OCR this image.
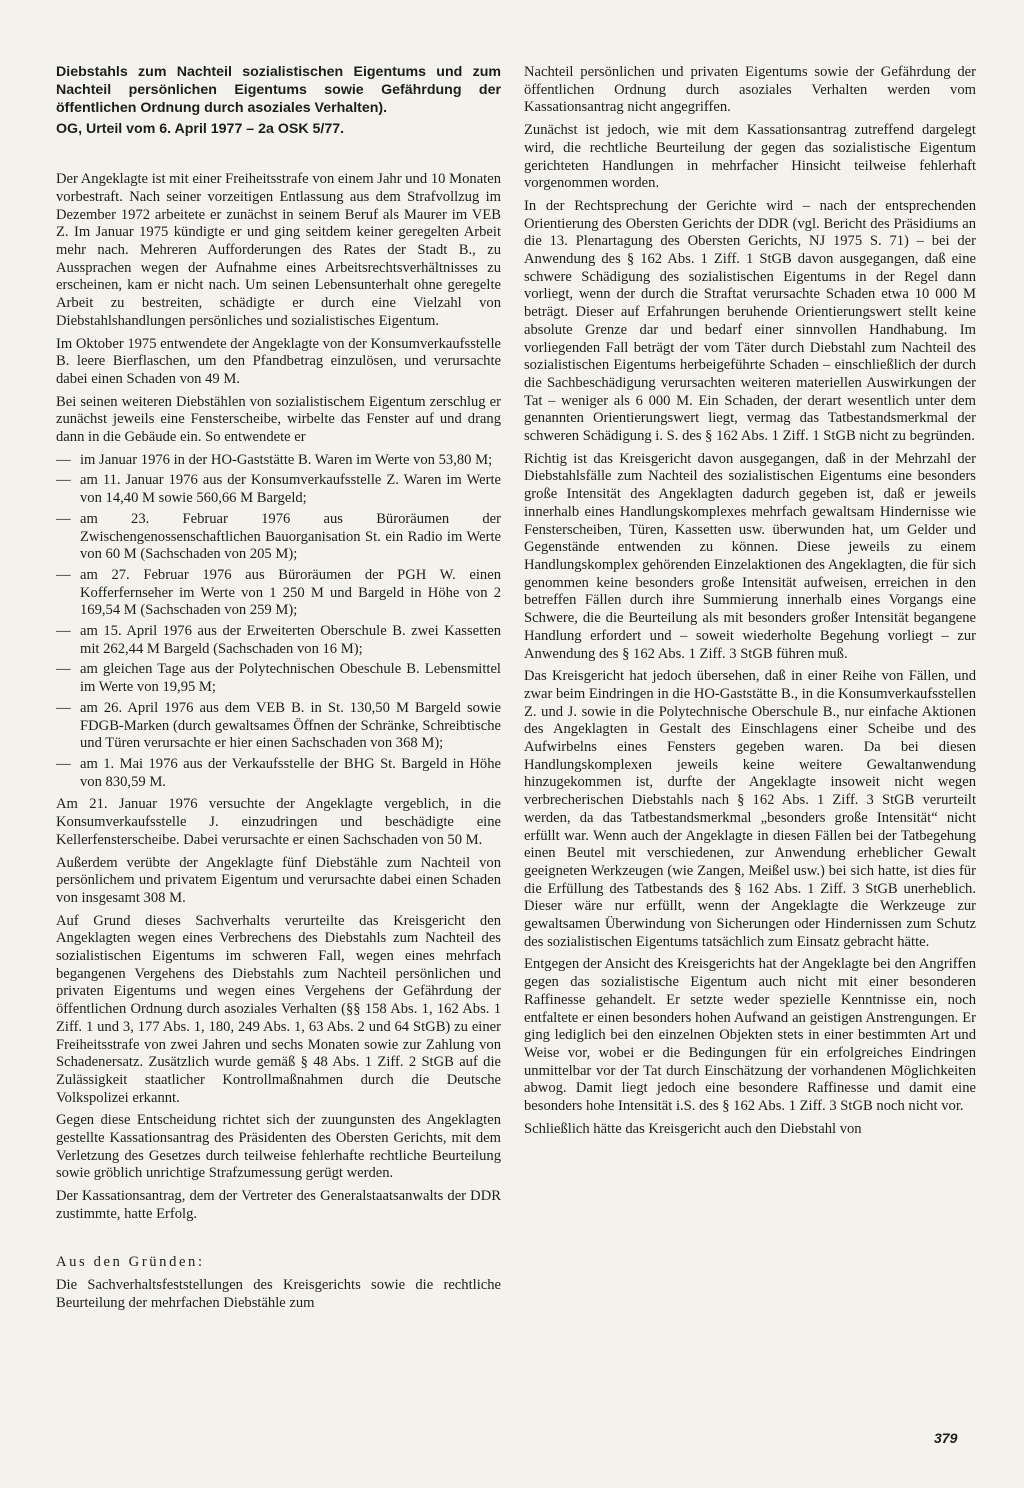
Diebstahls zum Nachteil sozialistischen Eigentums und zum Nachteil persönlichen Eigentums sowie Gefährdung der öffentlichen Ordnung durch asoziales Verhalten).

OG, Urteil vom 6. April 1977 – 2a OSK 5/77.

Der Angeklagte ist mit einer Freiheitsstrafe von einem Jahr und 10 Monaten vorbestraft. Nach seiner vorzeitigen Entlassung aus dem Strafvollzug im Dezember 1972 arbeitete er zunächst in seinem Beruf als Maurer im VEB Z. Im Januar 1975 kündigte er und ging seitdem keiner geregelten Arbeit mehr nach. Mehreren Aufforderungen des Rates der Stadt B., zu Aussprachen wegen der Aufnahme eines Arbeitsrechtsverhältnisses zu erscheinen, kam er nicht nach. Um seinen Lebensunterhalt ohne geregelte Arbeit zu bestreiten, schädigte er durch eine Vielzahl von Diebstahlshandlungen persönliches und sozialistisches Eigentum.

Im Oktober 1975 entwendete der Angeklagte von der Konsumverkaufsstelle B. leere Bierflaschen, um den Pfandbetrag einzulösen, und verursachte dabei einen Schaden von 49 M.

Bei seinen weiteren Diebstählen von sozialistischem Eigentum zerschlug er zunächst jeweils eine Fensterscheibe, wirbelte das Fenster auf und drang dann in die Gebäude ein. So entwendete er

— im Januar 1976 in der HO-Gaststätte B. Waren im Werte von 53,80 M;
— am 11. Januar 1976 aus der Konsumverkaufsstelle Z. Waren im Werte von 14,40 M sowie 560,66 M Bargeld;
— am 23. Februar 1976 aus Büroräumen der Zwischengenossenschaftlichen Bauorganisation St. ein Radio im Werte von 60 M (Sachschaden von 205 M);
— am 27. Februar 1976 aus Büroräumen der PGH W. einen Kofferfernseher im Werte von 1 250 M und Bargeld in Höhe von 2 169,54 M (Sachschaden von 259 M);
— am 15. April 1976 aus der Erweiterten Oberschule B. zwei Kassetten mit 262,44 M Bargeld (Sachschaden von 16 M);
— am gleichen Tage aus der Polytechnischen Obeschule B. Lebensmittel im Werte von 19,95 M;
— am 26. April 1976 aus dem VEB B. in St. 130,50 M Bargeld sowie FDGB-Marken (durch gewaltsames Öffnen der Schränke, Schreibtische und Türen verursachte er hier einen Sachschaden von 368 M);
— am 1. Mai 1976 aus der Verkaufsstelle der BHG St. Bargeld in Höhe von 830,59 M.

Am 21. Januar 1976 versuchte der Angeklagte vergeblich, in die Konsumverkaufsstelle J. einzudringen und beschädigte eine Kellerfensterscheibe. Dabei verursachte er einen Sachschaden von 50 M.

Außerdem verübte der Angeklagte fünf Diebstähle zum Nachteil von persönlichem und privatem Eigentum und verursachte dabei einen Schaden von insgesamt 308 M.

Auf Grund dieses Sachverhalts verurteilte das Kreisgericht den Angeklagten wegen eines Verbrechens des Diebstahls zum Nachteil des sozialistischen Eigentums im schweren Fall, wegen eines mehrfach begangenen Vergehens des Diebstahls zum Nachteil persönlichen und privaten Eigentums und wegen eines Vergehens der Gefährdung der öffentlichen Ordnung durch asoziales Verhalten (§§ 158 Abs. 1, 162 Abs. 1 Ziff. 1 und 3, 177 Abs. 1, 180, 249 Abs. 1, 63 Abs. 2 und 64 StGB) zu einer Freiheitsstrafe von zwei Jahren und sechs Monaten sowie zur Zahlung von Schadenersatz. Zusätzlich wurde gemäß § 48 Abs. 1 Ziff. 2 StGB auf die Zulässigkeit staatlicher Kontrollmaßnahmen durch die Deutsche Volkspolizei erkannt.

Gegen diese Entscheidung richtet sich der zuungunsten des Angeklagten gestellte Kassationsantrag des Präsidenten des Obersten Gerichts, mit dem Verletzung des Gesetzes durch teilweise fehlerhafte rechtliche Beurteilung sowie gröblich unrichtige Strafzumessung gerügt werden.

Der Kassationsantrag, dem der Vertreter des Generalstaatsanwalts der DDR zustimmte, hatte Erfolg.

Aus den Gründen:

Die Sachverhaltsfeststellungen des Kreisgerichts sowie die rechtliche Beurteilung der mehrfachen Diebstähle zum

Nachteil persönlichen und privaten Eigentums sowie der Gefährdung der öffentlichen Ordnung durch asoziales Verhalten werden vom Kassationsantrag nicht angegriffen.

Zunächst ist jedoch, wie mit dem Kassationsantrag zutreffend dargelegt wird, die rechtliche Beurteilung der gegen das sozialistische Eigentum gerichteten Handlungen in mehrfacher Hinsicht teilweise fehlerhaft vorgenommen worden.

In der Rechtsprechung der Gerichte wird – nach der entsprechenden Orientierung des Obersten Gerichts der DDR (vgl. Bericht des Präsidiums an die 13. Plenartagung des Obersten Gerichts, NJ 1975 S. 71) – bei der Anwendung des § 162 Abs. 1 Ziff. 1 StGB davon ausgegangen, daß eine schwere Schädigung des sozialistischen Eigentums in der Regel dann vorliegt, wenn der durch die Straftat verursachte Schaden etwa 10 000 M beträgt. Dieser auf Erfahrungen beruhende Orientierungswert stellt keine absolute Grenze dar und bedarf einer sinnvollen Handhabung. Im vorliegenden Fall beträgt der vom Täter durch Diebstahl zum Nachteil des sozialistischen Eigentums herbeigeführte Schaden – einschließlich der durch die Sachbeschädigung verursachten weiteren materiellen Auswirkungen der Tat – weniger als 6 000 M. Ein Schaden, der derart wesentlich unter dem genannten Orientierungswert liegt, vermag das Tatbestandsmerkmal der schweren Schädigung i. S. des § 162 Abs. 1 Ziff. 1 StGB nicht zu begründen.

Richtig ist das Kreisgericht davon ausgegangen, daß in der Mehrzahl der Diebstahlsfälle zum Nachteil des sozialistischen Eigentums eine besonders große Intensität des Angeklagten dadurch gegeben ist, daß er jeweils innerhalb eines Handlungskomplexes mehrfach gewaltsam Hindernisse wie Fensterscheiben, Türen, Kassetten usw. überwunden hat, um Gelder und Gegenstände entwenden zu können. Diese jeweils zu einem Handlungskomplex gehörenden Einzelaktionen des Angeklagten, die für sich genommen keine besonders große Intensität aufweisen, erreichen in den betreffen Fällen durch ihre Summierung innerhalb eines Vorgangs eine Schwere, die die Beurteilung als mit besonders großer Intensität begangene Handlung erfordert und – soweit wiederholte Begehung vorliegt – zur Anwendung des § 162 Abs. 1 Ziff. 3 StGB führen muß.

Das Kreisgericht hat jedoch übersehen, daß in einer Reihe von Fällen, und zwar beim Eindringen in die HO-Gaststätte B., in die Konsumverkaufsstellen Z. und J. sowie in die Polytechnische Oberschule B., nur einfache Aktionen des Angeklagten in Gestalt des Einschlagens einer Scheibe und des Aufwirbelns eines Fensters gegeben waren. Da bei diesen Handlungskomplexen jeweils keine weitere Gewaltanwendung hinzugekommen ist, durfte der Angeklagte insoweit nicht wegen verbrecherischen Diebstahls nach § 162 Abs. 1 Ziff. 3 StGB verurteilt werden, da das Tatbestandsmerkmal „besonders große Intensität“ nicht erfüllt war. Wenn auch der Angeklagte in diesen Fällen bei der Tatbegehung einen Beutel mit verschiedenen, zur Anwendung erheblicher Gewalt geeigneten Werkzeugen (wie Zangen, Meißel usw.) bei sich hatte, ist dies für die Erfüllung des Tatbestands des § 162 Abs. 1 Ziff. 3 StGB unerheblich. Dieser wäre nur erfüllt, wenn der Angeklagte die Werkzeuge zur gewaltsamen Überwindung von Sicherungen oder Hindernissen zum Schutz des sozialistischen Eigentums tatsächlich zum Einsatz gebracht hätte.

Entgegen der Ansicht des Kreisgerichts hat der Angeklagte bei den Angriffen gegen das sozialistische Eigentum auch nicht mit einer besonderen Raffinesse gehandelt. Er setzte weder spezielle Kenntnisse ein, noch entfaltete er einen besonders hohen Aufwand an geistigen Anstrengungen. Er ging lediglich bei den einzelnen Objekten stets in einer bestimmten Art und Weise vor, wobei er die Bedingungen für ein erfolgreiches Eindringen unmittelbar vor der Tat durch Einschätzung der vorhandenen Möglichkeiten abwog. Damit liegt jedoch eine besondere Raffinesse und damit eine besonders hohe Intensität i.S. des § 162 Abs. 1 Ziff. 3 StGB noch nicht vor.

Schließlich hätte das Kreisgericht auch den Diebstahl von

379
